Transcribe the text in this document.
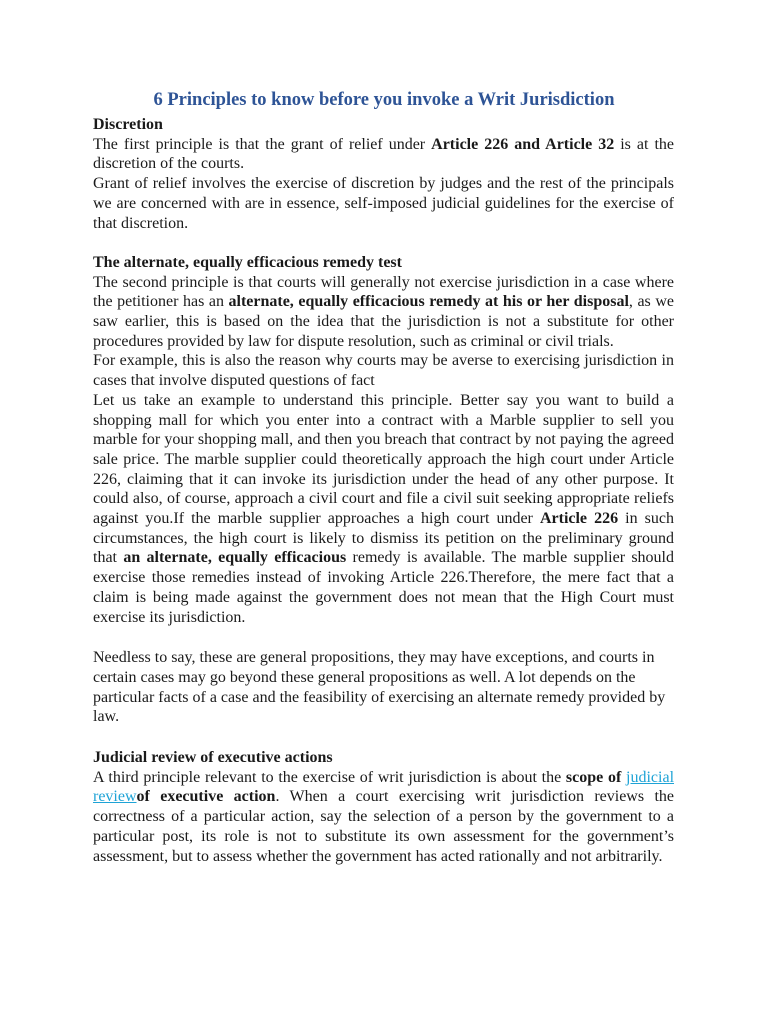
6 Principles to know before you invoke a Writ Jurisdiction
Discretion

The first principle is that the grant of relief under Article 226 and Article 32 is at the discretion of the courts.

Grant of relief involves the exercise of discretion by judges and the rest of the principals we are concerned with are in essence, self-imposed judicial guidelines for the exercise of that discretion.

The alternate, equally efficacious remedy test

The second principle is that courts will generally not exercise jurisdiction in a case where the petitioner has an alternate, equally efficacious remedy at his or her disposal, as we saw earlier, this is based on the idea that the jurisdiction is not a substitute for other procedures provided by law for dispute resolution, such as criminal or civil trials.

For example, this is also the reason why courts may be averse to exercising jurisdiction in cases that involve disputed questions of fact

Let us take an example to understand this principle. Better say you want to build a shopping mall for which you enter into a contract with a Marble supplier to sell you marble for your shopping mall, and then you breach that contract by not paying the agreed sale price. The marble supplier could theoretically approach the high court under Article 226, claiming that it can invoke its jurisdiction under the head of any other purpose. It could also, of course, approach a civil court and file a civil suit seeking appropriate reliefs against you.If the marble supplier approaches a high court under Article 226 in such circumstances, the high court is likely to dismiss its petition on the preliminary ground that an alternate, equally efficacious remedy is available. The marble supplier should exercise those remedies instead of invoking Article 226.Therefore, the mere fact that a claim is being made against the government does not mean that the High Court must exercise its jurisdiction.

Needless to say, these are general propositions, they may have exceptions, and courts in certain cases may go beyond these general propositions as well. A lot depends on the particular facts of a case and the feasibility of exercising an alternate remedy provided by law.

Judicial review of executive actions

A third principle relevant to the exercise of writ jurisdiction is about the scope of judicial reviewof executive action. When a court exercising writ jurisdiction reviews the correctness of a particular action, say the selection of a person by the government to a particular post, its role is not to substitute its own assessment for the government’s assessment, but to assess whether the government has acted rationally and not arbitrarily.
